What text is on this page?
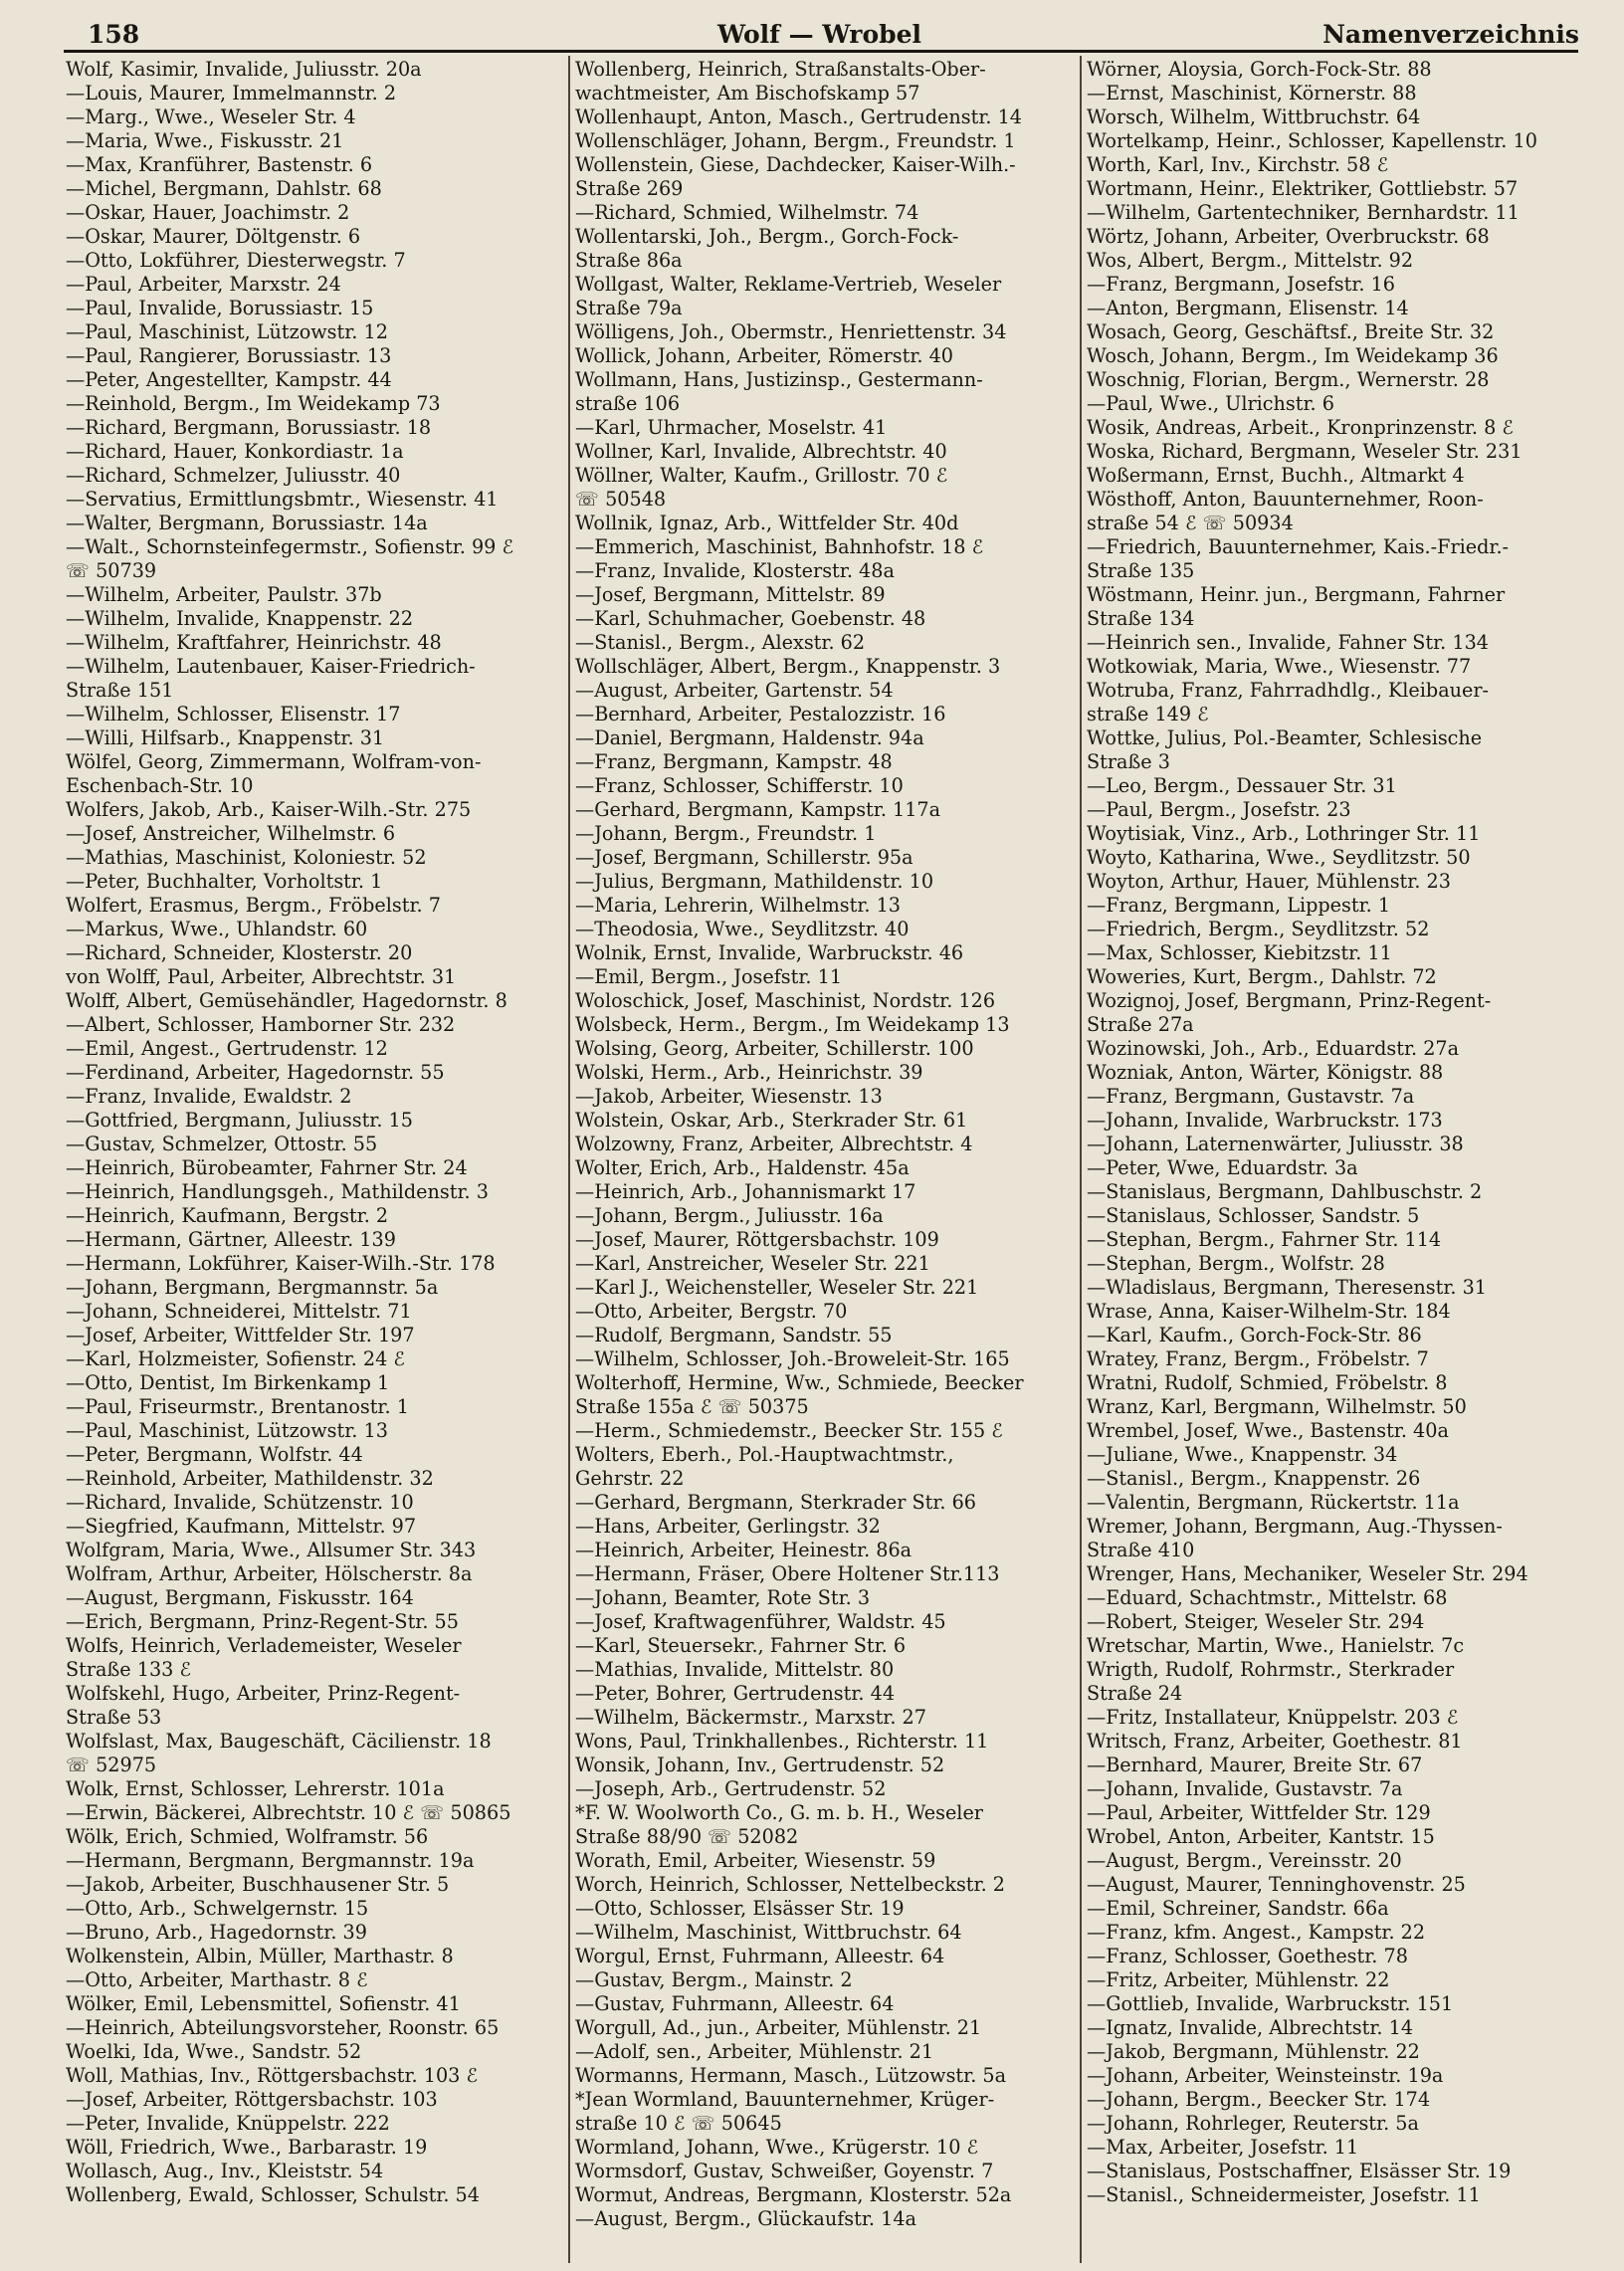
158	Wolf — Wrobel	Namenverzeichnis
Wolf, Kasimir, Invalide, Juliusstr. 20a
—Louis, Maurer, Immelmannstr. 2
—Marg., Wwe., Weseler Str. 4
—Maria, Wwe., Fiskusstr. 21
—Max, Kranführer, Bastenstr. 6
—Michel, Bergmann, Dahlstr. 68
—Oskar, Hauer, Joachimstr. 2
—Oskar, Maurer, Döltgenstr. 6
—Otto, Lokführer, Diesterwegstr. 7
—Paul, Arbeiter, Marxstr. 24
—Paul, Invalide, Borussiastr. 15
—Paul, Maschinist, Lützowstr. 12
—Paul, Rangierer, Borussiastr. 13
—Peter, Angestellter, Kampstr. 44
—Reinhold, Bergm., Im Weidekamp 73
—Richard, Bergmann, Borussiastr. 18
—Richard, Hauer, Konkordiastr. 1a
—Richard, Schmelzer, Juliusstr. 40
—Servatius, Ermittlungsbmtr., Wiesenstr. 41
—Walter, Bergmann, Borussiastr. 14a
—Walt., Schornsteinfegermstr., Sofienstr. 99 ℰ
☏ 50739
—Wilhelm, Arbeiter, Paulstr. 37b
—Wilhelm, Invalide, Knappenstr. 22
—Wilhelm, Kraftfahrer, Heinrichstr. 48
—Wilhelm, Lautenbauer, Kaiser-Friedrich-
Straße 151
—Wilhelm, Schlosser, Elisenstr. 17
—Willi, Hilfsarb., Knappenstr. 31
Wölfel, Georg, Zimmermann, Wolfram-von-
Eschenbach-Str. 10
Wolfers, Jakob, Arb., Kaiser-Wilh.-Str. 275
—Josef, Anstreicher, Wilhelmstr. 6
—Mathias, Maschinist, Koloniestr. 52
—Peter, Buchhalter, Vorholtstr. 1
Wolfert, Erasmus, Bergm., Fröbelstr. 7
—Markus, Wwe., Uhlandstr. 60
—Richard, Schneider, Klosterstr. 20
von Wolff, Paul, Arbeiter, Albrechtstr. 31
Wolff, Albert, Gemüsehändler, Hagedornstr. 8
—Albert, Schlosser, Hamborner Str. 232
—Emil, Angest., Gertrudenstr. 12
—Ferdinand, Arbeiter, Hagedornstr. 55
—Franz, Invalide, Ewaldstr. 2
—Gottfried, Bergmann, Juliusstr. 15
—Gustav, Schmelzer, Ottostr. 55
—Heinrich, Bürobeamter, Fahrner Str. 24
—Heinrich, Handlungsgeh., Mathildenstr. 3
—Heinrich, Kaufmann, Bergstr. 2
—Hermann, Gärtner, Alleestr. 139
—Hermann, Lokführer, Kaiser-Wilh.-Str. 178
—Johann, Bergmann, Bergmannstr. 5a
—Johann, Schneiderei, Mittelstr. 71
—Josef, Arbeiter, Wittfelder Str. 197
—Karl, Holzmeister, Sofienstr. 24 ℰ
—Otto, Dentist, Im Birkenkamp 1
—Paul, Friseurmstr., Brentanostr. 1
—Paul, Maschinist, Lützowstr. 13
—Peter, Bergmann, Wolfstr. 44
—Reinhold, Arbeiter, Mathildenstr. 32
—Richard, Invalide, Schützenstr. 10
—Siegfried, Kaufmann, Mittelstr. 97
Wolfgram, Maria, Wwe., Allsumer Str. 343
Wolfram, Arthur, Arbeiter, Hölscherstr. 8a
—August, Bergmann, Fiskusstr. 164
—Erich, Bergmann, Prinz-Regent-Str. 55
Wolfs, Heinrich, Verlademeister, Weseler
Straße 133 ℰ
Wolfskehl, Hugo, Arbeiter, Prinz-Regent-
Straße 53
Wolfslast, Max, Baugeschäft, Cäcilienstr. 18
☏ 52975
Wolk, Ernst, Schlosser, Lehrerstr. 101a
—Erwin, Bäckerei, Albrechtstr. 10 ℰ ☏ 50865
Wölk, Erich, Schmied, Wolframstr. 56
—Hermann, Bergmann, Bergmannstr. 19a
—Jakob, Arbeiter, Buschhausener Str. 5
—Otto, Arb., Schwelgernstr. 15
—Bruno, Arb., Hagedornstr. 39
Wolkenstein, Albin, Müller, Marthastr. 8
—Otto, Arbeiter, Marthastr. 8 ℰ
Wölker, Emil, Lebensmittel, Sofienstr. 41
—Heinrich, Abteilungsvorsteher, Roonstr. 65
Woelki, Ida, Wwe., Sandstr. 52
Woll, Mathias, Inv., Röttgersbachstr. 103 ℰ
—Josef, Arbeiter, Röttgersbachstr. 103
—Peter, Invalide, Knüppelstr. 222
Wöll, Friedrich, Wwe., Barbarastr. 19
Wollasch, Aug., Inv., Kleiststr. 54
Wollenberg, Ewald, Schlosser, Schulstr. 54
Wollenberg, Heinrich, Straßanstalts-Ober-
wachtmeister, Am Bischofskamp 57
Wollenhaupt, Anton, Masch., Gertrudenstr. 14
Wollenschläger, Johann, Bergm., Freundstr. 1
Wollenstein, Giese, Dachdecker, Kaiser-Wilh.-
Straße 269
—Richard, Schmied, Wilhelmstr. 74
Wollentarski, Joh., Bergm., Gorch-Fock-
Straße 86a
Wollgast, Walter, Reklame-Vertrieb, Weseler
Straße 79a
Wölligens, Joh., Obermstr., Henriettenstr. 34
Wollick, Johann, Arbeiter, Römerstr. 40
Wollmann, Hans, Justizinsp., Gestermann-
straße 106
—Karl, Uhrmacher, Moselstr. 41
Wollner, Karl, Invalide, Albrechtstr. 40
Wöllner, Walter, Kaufm., Grillostr. 70 ℰ
☏ 50548
Wollnik, Ignaz, Arb., Wittfelder Str. 40d
—Emmerich, Maschinist, Bahnhofstr. 18 ℰ
—Franz, Invalide, Klosterstr. 48a
—Josef, Bergmann, Mittelstr. 89
—Karl, Schuhmacher, Goebenstr. 48
—Stanisl., Bergm., Alexstr. 62
Wollschläger, Albert, Bergm., Knappenstr. 3
—August, Arbeiter, Gartenstr. 54
—Bernhard, Arbeiter, Pestalozzistr. 16
—Daniel, Bergmann, Haldenstr. 94a
—Franz, Bergmann, Kampstr. 48
—Franz, Schlosser, Schifferstr. 10
—Gerhard, Bergmann, Kampstr. 117a
—Johann, Bergm., Freundstr. 1
—Josef, Bergmann, Schillerstr. 95a
—Julius, Bergmann, Mathildenstr. 10
—Maria, Lehrerin, Wilhelmstr. 13
—Theodosia, Wwe., Seydlitzstr. 40
Wolnik, Ernst, Invalide, Warbruckstr. 46
—Emil, Bergm., Josefstr. 11
Woloschick, Josef, Maschinist, Nordstr. 126
Wolsbeck, Herm., Bergm., Im Weidekamp 13
Wolsing, Georg, Arbeiter, Schillerstr. 100
Wolski, Herm., Arb., Heinrichstr. 39
—Jakob, Arbeiter, Wiesenstr. 13
Wolstein, Oskar, Arb., Sterkrader Str. 61
Wolzowny, Franz, Arbeiter, Albrechtstr. 4
Wolter, Erich, Arb., Haldenstr. 45a
—Heinrich, Arb., Johannismarkt 17
—Johann, Bergm., Juliusstr. 16a
—Josef, Maurer, Röttgersbachstr. 109
—Karl, Anstreicher, Weseler Str. 221
—Karl J., Weichensteller, Weseler Str. 221
—Otto, Arbeiter, Bergstr. 70
—Rudolf, Bergmann, Sandstr. 55
—Wilhelm, Schlosser, Joh.-Broweleit-Str. 165
Wolterhoff, Hermine, Ww., Schmiede, Beecker
Straße 155a ℰ ☏ 50375
—Herm., Schmiedemstr., Beecker Str. 155 ℰ
Wolters, Eberh., Pol.-Hauptwachtmstr.,
Gehrstr. 22
—Gerhard, Bergmann, Sterkrader Str. 66
—Hans, Arbeiter, Gerlingstr. 32
—Heinrich, Arbeiter, Heinestr. 86a
—Hermann, Fräser, Obere Holtener Str.113
—Johann, Beamter, Rote Str. 3
—Josef, Kraftwagenführer, Waldstr. 45
—Karl, Steuersekr., Fahrner Str. 6
—Mathias, Invalide, Mittelstr. 80
—Peter, Bohrer, Gertrudenstr. 44
—Wilhelm, Bäckermstr., Marxstr. 27
Wons, Paul, Trinkhallenbes., Richterstr. 11
Wonsik, Johann, Inv., Gertrudenstr. 52
—Joseph, Arb., Gertrudenstr. 52
*F. W. Woolworth Co., G. m. b. H., Weseler
Straße 88/90 ☏ 52082
Worath, Emil, Arbeiter, Wiesenstr. 59
Worch, Heinrich, Schlosser, Nettelbeckstr. 2
—Otto, Schlosser, Elsässer Str. 19
—Wilhelm, Maschinist, Wittbruchstr. 64
Worgul, Ernst, Fuhrmann, Alleestr. 64
—Gustav, Bergm., Mainstr. 2
—Gustav, Fuhrmann, Alleestr. 64
Worgull, Ad., jun., Arbeiter, Mühlenstr. 21
—Adolf, sen., Arbeiter, Mühlenstr. 21
Wormanns, Hermann, Masch., Lützowstr. 5a
*Jean Wormland, Bauunternehmer, Krüger-
straße 10 ℰ ☏ 50645
Wormland, Johann, Wwe., Krügerstr. 10 ℰ
Wormsdorf, Gustav, Schweißer, Goyenstr. 7
Wormut, Andreas, Bergmann, Klosterstr. 52a
—August, Bergm., Glückaufstr. 14a
Wörner, Aloysia, Gorch-Fock-Str. 88
—Ernst, Maschinist, Körnerstr. 88
Worsch, Wilhelm, Wittbruchstr. 64
Wortelkamp, Heinr., Schlosser, Kapellenstr. 10
Worth, Karl, Inv., Kirchstr. 58 ℰ
Wortmann, Heinr., Elektriker, Gottliebstr. 57
—Wilhelm, Gartentechniker, Bernhardstr. 11
Wörtz, Johann, Arbeiter, Overbruckstr. 68
Wos, Albert, Bergm., Mittelstr. 92
—Franz, Bergmann, Josefstr. 16
—Anton, Bergmann, Elisenstr. 14
Wosach, Georg, Geschäftsf., Breite Str. 32
Wosch, Johann, Bergm., Im Weidekamp 36
Woschnig, Florian, Bergm., Wernerstr. 28
—Paul, Wwe., Ulrichstr. 6
Wosik, Andreas, Arbeit., Kronprinzenstr. 8 ℰ
Woska, Richard, Bergmann, Weseler Str. 231
Woßermann, Ernst, Buchh., Altmarkt 4
Wösthoff, Anton, Bauunternehmer, Roon-
straße 54 ℰ ☏ 50934
—Friedrich, Bauunternehmer, Kais.-Friedr.-
Straße 135
Wöstmann, Heinr. jun., Bergmann, Fahrner
Straße 134
—Heinrich sen., Invalide, Fahner Str. 134
Wotkowiak, Maria, Wwe., Wiesenstr. 77
Wotruba, Franz, Fahrradhdlg., Kleibauer-
straße 149 ℰ
Wottke, Julius, Pol.-Beamter, Schlesische
Straße 3
—Leo, Bergm., Dessauer Str. 31
—Paul, Bergm., Josefstr. 23
Woytisiak, Vinz., Arb., Lothringer Str. 11
Woyto, Katharina, Wwe., Seydlitzstr. 50
Woyton, Arthur, Hauer, Mühlenstr. 23
—Franz, Bergmann, Lippestr. 1
—Friedrich, Bergm., Seydlitzstr. 52
—Max, Schlosser, Kiebitzstr. 11
Wowerіes, Kurt, Bergm., Dahlstr. 72
Wozignoj, Josef, Bergmann, Prinz-Regent-
Straße 27a
Wozinowski, Joh., Arb., Eduardstr. 27a
Wozniak, Anton, Wärter, Königstr. 88
—Franz, Bergmann, Gustavstr. 7a
—Johann, Invalide, Warbruckstr. 173
—Johann, Laternenwärter, Juliusstr. 38
—Peter, Wwe, Eduardstr. 3a
—Stanislaus, Bergmann, Dahlbuschstr. 2
—Stanislaus, Schlosser, Sandstr. 5
—Stephan, Bergm., Fahrner Str. 114
—Stephan, Bergm., Wolfstr. 28
—Wladislaus, Bergmann, Theresenstr. 31
Wrase, Anna, Kaiser-Wilhelm-Str. 184
—Karl, Kaufm., Gorch-Fock-Str. 86
Wratey, Franz, Bergm., Fröbelstr. 7
Wratni, Rudolf, Schmied, Fröbelstr. 8
Wranz, Karl, Bergmann, Wilhelmstr. 50
Wrembel, Josef, Wwe., Bastenstr. 40a
—Juliane, Wwe., Knappenstr. 34
—Stanisl., Bergm., Knappenstr. 26
—Valentin, Bergmann, Rückertstr. 11a
Wremer, Johann, Bergmann, Aug.-Thyssen-
Straße 410
Wrenger, Hans, Mechaniker, Weseler Str. 294
—Eduard, Schachtmstr., Mittelstr. 68
—Robert, Steiger, Weseler Str. 294
Wretschar, Martin, Wwe., Hanielstr. 7c
Wrigth, Rudolf, Rohrmstr., Sterkrader
Straße 24
—Fritz, Installateur, Knüppelstr. 203 ℰ
Writsch, Franz, Arbeiter, Goethestr. 81
—Bernhard, Maurer, Breite Str. 67
—Johann, Invalide, Gustavstr. 7a
—Paul, Arbeiter, Wittfelder Str. 129
Wrobel, Anton, Arbeiter, Kantstr. 15
—August, Bergm., Vereinsstr. 20
—August, Maurer, Tenninghovenstr. 25
—Emil, Schreiner, Sandstr. 66a
—Franz, kfm. Angest., Kampstr. 22
—Franz, Schlosser, Goethestr. 78
—Fritz, Arbeiter, Mühlenstr. 22
—Gottlieb, Invalide, Warbruckstr. 151
—Ignatz, Invalide, Albrechtstr. 14
—Jakob, Bergmann, Mühlenstr. 22
—Johann, Arbeiter, Weinsteinstr. 19a
—Johann, Bergm., Beecker Str. 174
—Johann, Rohrleger, Reuterstr. 5a
—Max, Arbeiter, Josefstr. 11
—Stanislaus, Postschaffner, Elsässer Str. 19
—Stanisl., Schneidermeister, Josefstr. 11
